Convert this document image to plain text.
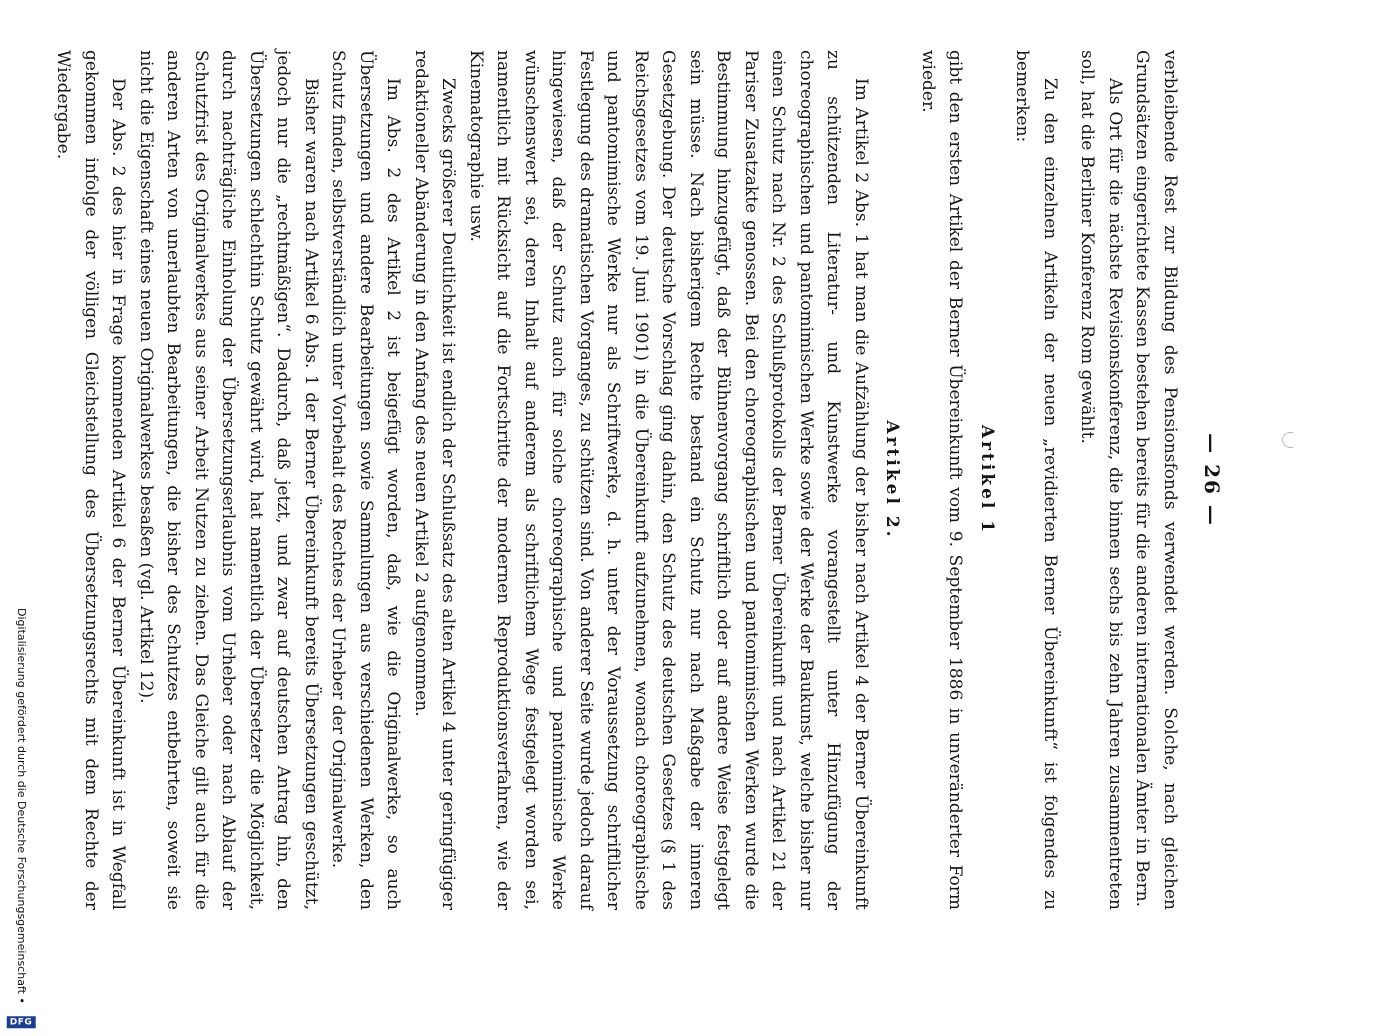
Digitalisierung gefördert durch die Deutsche Forschungsgemeinschaft •
DFG
— 26 —

verbleibende Rest zur Bildung des Pensionsfonds verwendet werden. Solche, nach gleichen Grundsätzen eingerichtete Kassen bestehen bereits für die anderen internationalen Ämter in Bern.

Als Ort für die nächste Revisionskonferenz, die binnen sechs bis zehn Jahren zusammentreten soll, hat die Berliner Konferenz Rom gewählt.

Zu den einzelnen Artikeln der neuen „revidierten Berner Übereinkunft“ ist folgendes zu bemerken:

Artikel 1

gibt den ersten Artikel der Berner Übereinkunft vom 9. September 1886 in unveränderter Form wieder.

Artikel 2.

Im Artikel 2 Abs. 1 hat man die Aufzählung der bisher nach Artikel 4 der Berner Übereinkunft zu schützenden Literatur- und Kunstwerke vorangestellt unter Hinzufügung der choreographischen und pantomimischen Werke sowie der Werke der Baukunst, welche bisher nur einen Schutz nach Nr. 2 des Schlußprotokolls der Berner Übereinkunft und nach Artikel 21 der Pariser Zusatzakte genossen. Bei den choreographischen und pantomimischen Werken wurde die Bestimmung hinzugefügt, daß der Bühnenvorgang schriftlich oder auf andere Weise festgelegt sein müsse. Nach bisherigem Rechte bestand ein Schutz nur nach Maßgabe der inneren Gesetzgebung. Der deutsche Vorschlag ging dahin, den Schutz des deutschen Gesetzes (§ 1 des Reichsgesetzes vom 19. Juni 1901) in die Übereinkunft aufzunehmen, wonach choreographische und pantomimische Werke nur als Schriftwerke, d. h. unter der Voraussetzung schriftlicher Festlegung des dramatischen Vorganges, zu schützen sind. Von anderer Seite wurde jedoch darauf hingewiesen, daß der Schutz auch für solche choreographische und pantomimische Werke wünschenswert sei, deren Inhalt auf anderem als schriftlichem Wege festgelegt worden sei, namentlich mit Rücksicht auf die Fortschritte der modernen Reproduktionsverfahren, wie der Kinematographie usw.

Zwecks größerer Deutlichkeit ist endlich der Schlußsatz des alten Artikel 4 unter geringfügiger redaktioneller Abänderung in den Anfang des neuen Artikel 2 aufgenommen.

Im Abs. 2 des Artikel 2 ist beigefügt worden, daß, wie die Originalwerke, so auch Übersetzungen und andere Bearbeitungen sowie Sammlungen aus verschiedenen Werken, den Schutz finden, selbstverständlich unter Vorbehalt des Rechtes der Urheber der Originalwerke.

Bisher waren nach Artikel 6 Abs. 1 der Berner Übereinkunft bereits Übersetzungen geschützt, jedoch nur die „rechtmäßigen“. Dadurch, daß jetzt, und zwar auf deutschen Antrag hin, den Übersetzungen schlechthin Schutz gewährt wird, hat namentlich der Übersetzer die Möglichkeit, durch nachträgliche Einholung der Übersetzungserlaubnis vom Urheber oder nach Ablauf der Schutzfrist des Originalwerkes aus seiner Arbeit Nutzen zu ziehen. Das Gleiche gilt auch für die anderen Arten von unerlaubten Bearbeitungen, die bisher des Schutzes entbehrten, soweit sie nicht die Eigenschaft eines neuen Originalwerkes besaßen (vgl. Artikel 12).

Der Abs. 2 des hier in Frage kommenden Artikel 6 der Berner Übereinkunft ist in Wegfall gekommen infolge der völligen Gleichstellung des Übersetzungsrechts mit dem Rechte der Wiedergabe.
